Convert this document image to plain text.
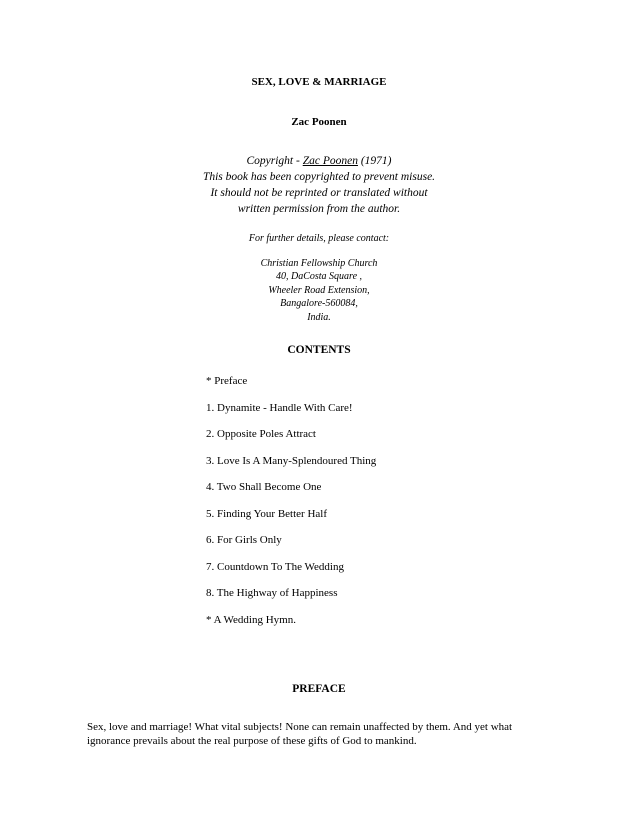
SEX, LOVE & MARRIAGE
Zac Poonen
Copyright - Zac Poonen (1971)
This book has been copyrighted to prevent misuse.
It should not be reprinted or translated without
written permission from the author.
For further details, please contact:
Christian Fellowship Church
40, DaCosta Square ,
Wheeler Road Extension,
Bangalore-560084,
India.
CONTENTS
* Preface
1. Dynamite - Handle With Care!
2. Opposite Poles Attract
3. Love Is A Many-Splendoured Thing
4. Two Shall Become One
5. Finding Your Better Half
6. For Girls Only
7. Countdown To The Wedding
8. The Highway of Happiness
* A Wedding Hymn.
PREFACE
Sex, love and marriage! What vital subjects! None can remain unaffected by them. And yet what
ignorance prevails about the real purpose of these gifts of God to mankind.
